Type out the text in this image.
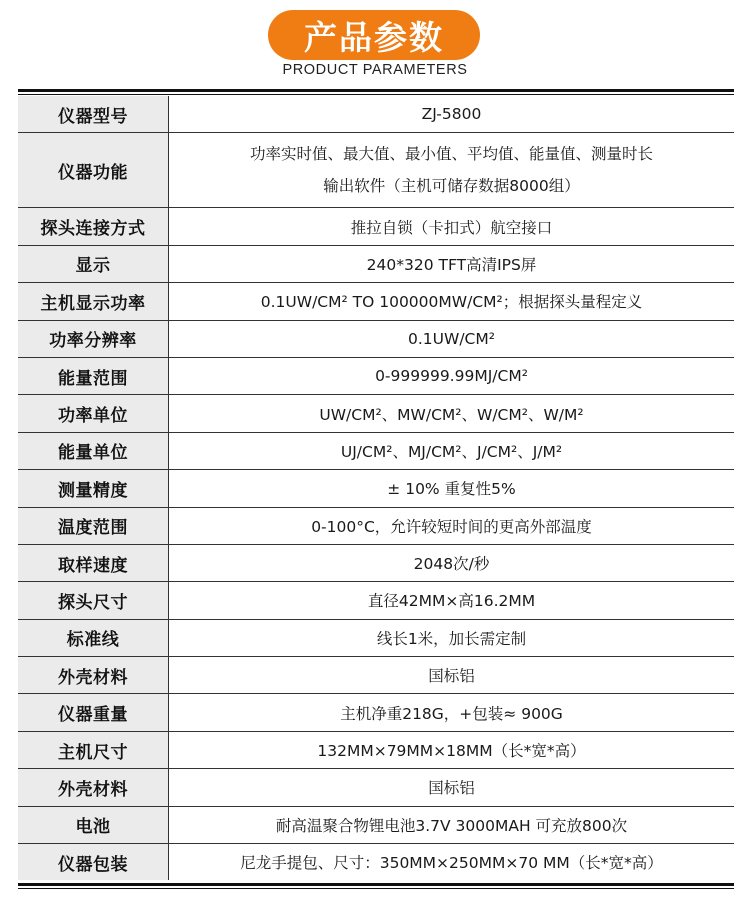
产品参数
PRODUCT PARAMETERS
仪器型号	ZJ-5800
仪器功能	功率实时值、最大值、最小值、平均值、能量值、测量时长
输出软件（主机可储存数据8000组）

探头连接方式	推拉自锁（卡扣式）航空接口
显示	240*320 TFT高清IPS屏
主机显示功率	0.1UW/CM² TO 100000MW/CM²；根据探头量程定义
功率分辨率	0.1UW/CM²
能量范围	0-999999.99MJ/CM²
功率单位	UW/CM²、MW/CM²、W/CM²、W/M²
能量单位	UJ/CM²、MJ/CM²、J/CM²、J/M²
测量精度	± 10% 重复性5%
温度范围	0-100°C，允许较短时间的更高外部温度
取样速度	2048次/秒
探头尺寸	直径42MM×高16.2MM
标准线	线长1米，加长需定制
外壳材料	国标铝
仪器重量	主机净重218G，+包装≈ 900G
主机尺寸	132MM×79MM×18MM（长*宽*高）
外壳材料	国标铝
电池	耐高温聚合物锂电池3.7V 3000MAH 可充放800次
仪器包装	尼龙手提包、尺寸：350MM×250MM×70 MM（长*宽*高）
